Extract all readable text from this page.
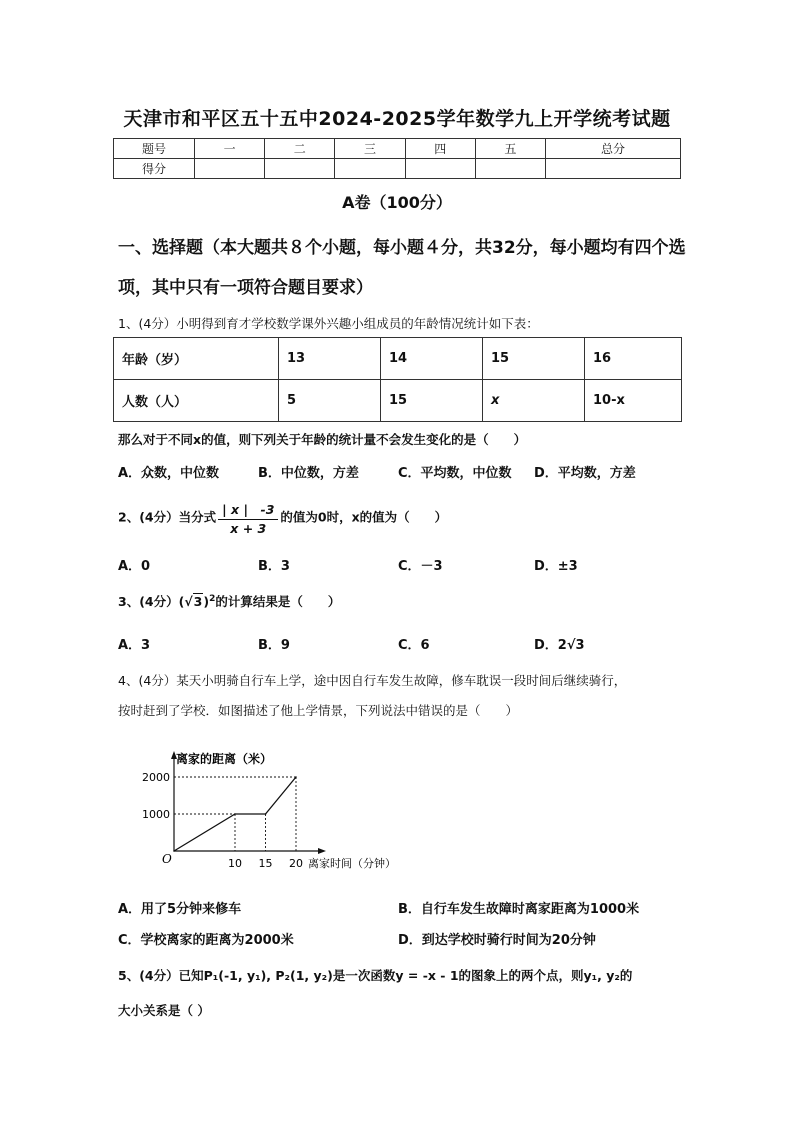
天津市和平区五十五中2024-2025学年数学九上开学统考试题
题号	一	二	三	四	五	总分
得分						
A卷（100分）
一、选择题（本大题共８个小题，每小题４分，共32分，每小题均有四个选项，其中只有一项符合题目要求）
1、(4分）小明得到育才学校数学课外兴趣小组成员的年龄情况统计如下表：
年龄（岁）	13	14	15	16
人数（人）	5	15	x	10-x
那么对于不同x的值，则下列关于年龄的统计量不会发生变化的是（　　）
A．众数，中位数	B．中位数，方差	C．平均数，中位数 D．平均数，方差
2、(4分）当分式 $\frac{| x | -3}{x + 3}$ 的值为0时，x的值为（　　）
A．0	B．3	C．－3	D．±3
3、(4分）$(√3)^2$的计算结果是（　　）
A．3	B．9	C．6	D．2√3
4、(4分）某天小明骑自行车上学，途中因自行车发生故障，修车耽误一段时间后继续骑行，
按时赶到了学校．如图描述了他上学情景，下列说法中错误的是（　　）
离家的距离（米）
离家时间（分钟）
O
2000
1000
10 15 20
A．用了5分钟来修车	B．自行车发生故障时离家距离为1000米
C．学校离家的距离为2000米	D．到达学校时骑行时间为20分钟
5、(4分）已知P₁(-1, y₁), P₂(1, y₂)是一次函数y = -x - 1的图象上的两个点，则y₁, y₂的
大小关系是（ ）
